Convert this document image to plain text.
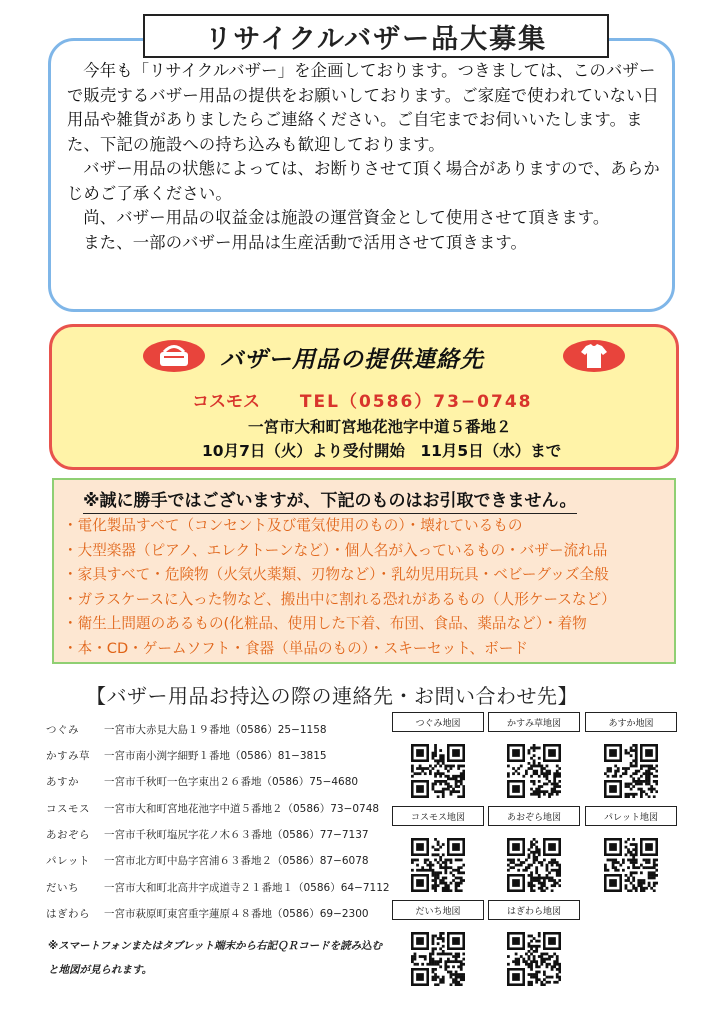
リサイクルバザー品大募集

今年も「リサイクルバザー」を企画しております。つきましては、このバザーで販売するバザー用品の提供をお願いしております。ご家庭で使われていない日用品や雑貨がありましたらご連絡ください。ご自宅までお伺いいたします。また、下記の施設への持ち込みも歓迎しております。

バザー用品の状態によっては、お断りさせて頂く場合がありますので、あらかじめご了承ください。

尚、バザー用品の収益金は施設の運営資金として使用させて頂きます。

また、一部のバザー用品は生産活動で活用させて頂きます。

バザー用品の提供連絡先
コスモス TEL（0586）73−0748
一宮市大和町宮地花池字中道５番地２
10月7日（火）より受付開始　11月5日（水）まで
※誠に勝手ではございますが、下記のものはお引取できません。
・電化製品すべて（コンセント及び電気使用のもの）・壊れているもの
・大型楽器（ピアノ、エレクトーンなど）・個人名が入っているもの・バザー流れ品
・家具すべて・危険物（火気火薬類、刃物など）・乳幼児用玩具・ベビーグッズ全般
・ガラスケースに入った物など、搬出中に割れる恐れがあるもの（人形ケースなど）
・衛生上問題のあるもの(化粧品、使用した下着、布団、食品、薬品など）・着物
・本・CD・ゲームソフト・食器（単品のもの）・スキーセット、ボード
【バザー用品お持込の際の連絡先・お問い合わせ先】
つぐみ 一宮市大赤見大島１９番地（0586）25−1158
かすみ草 一宮市南小渕字細野１番地（0586）81−3815
あすか 一宮市千秋町一色字東出２６番地（0586）75−4680
コスモス 一宮市大和町宮地花池字中道５番地２（0586）73−0748
あおぞら 一宮市千秋町塩尻字花ノ木６３番地（0586）77−7137
パレット 一宮市北方町中島字宮浦６３番地２（0586）87−6078
だいち 一宮市大和町北高井字成道寺２１番地１（0586）64−7112
はぎわら 一宮市萩原町東宮重字蓮原４８番地（0586）69−2300
※スマートフォンまたはタブレット端末から右記ＱＲコードを読み込むと地図が見られます。
つぐみ地図	かすみ草地図	あすか地図
コスモス地図	あおぞら地図	パレット地図
だいち地図	はぎわら地図
